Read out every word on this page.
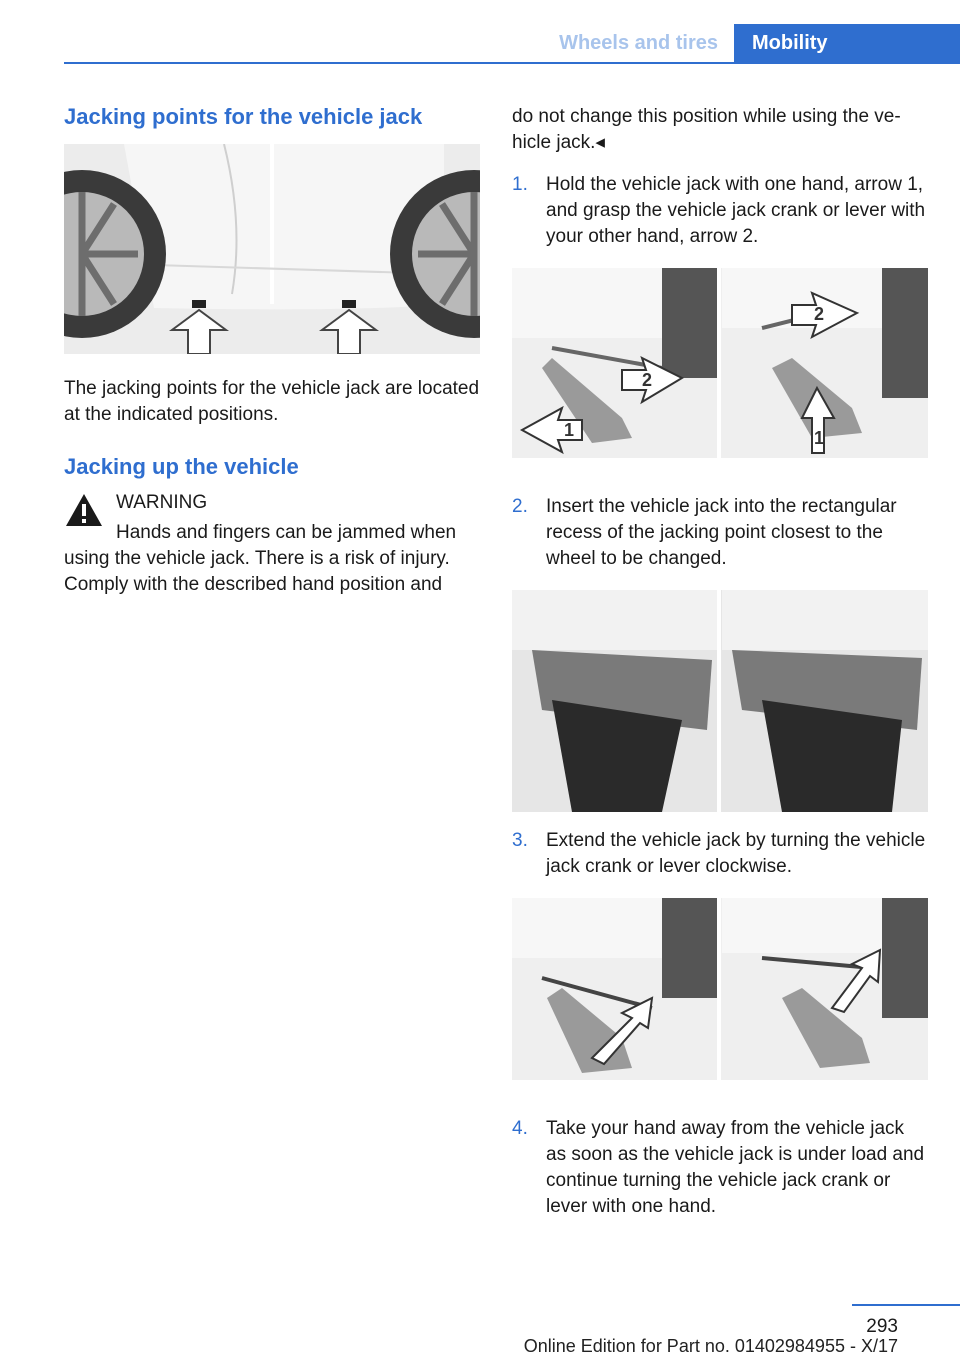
Wheels and tires	Mobility
Jacking points for the vehicle jack

The jacking points for the vehicle jack are located at the indicated positions.

Jacking up the vehicle
WARNING

Hands and fingers can be jammed when using the vehicle jack. There is a risk of injury. Comply with the described hand position and

do not change this position while using the vehicle jack.◂

1. Hold the vehicle jack with one hand, arrow 1, and grasp the vehicle jack crank or lever with your other hand, arrow 2.
1
2
2
1
2. Insert the vehicle jack into the rectangular recess of the jacking point closest to the wheel to be changed.
3. Extend the vehicle jack by turning the vehicle jack crank or lever clockwise.
4. Take your hand away from the vehicle jack as soon as the vehicle jack is under load and continue turning the vehicle jack crank or lever with one hand.
293
Online Edition for Part no. 01402984955 - X/17
